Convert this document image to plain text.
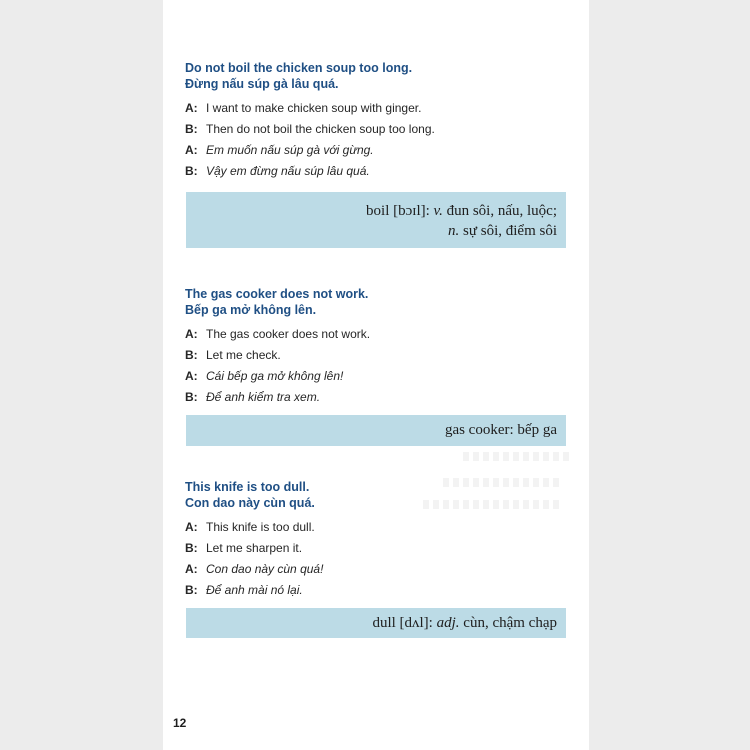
Do not boil the chicken soup too long.
Đừng nấu súp gà lâu quá.
A: I want to make chicken soup with ginger.
B: Then do not boil the chicken soup too long.
A: Em muốn nấu súp gà với gừng.
B: Vậy em đừng nấu súp lâu quá.
The gas cooker does not work.
Bếp ga mở không lên.
A: The gas cooker does not work.
B: Let me check.
A: Cái bếp ga mở không lên!
B: Để anh kiểm tra xem.
This knife is too dull.
Con dao này cùn quá.
A: This knife is too dull.
B: Let me sharpen it.
A: Con dao này cùn quá!
B: Để anh mài nó lại.
12
boil [bɔɪl]: v. đun sôi, nấu, luộc;
n. sự sôi, điểm sôi
gas cooker: bếp ga
dull [dʌl]: adj. cùn, chậm chạp
